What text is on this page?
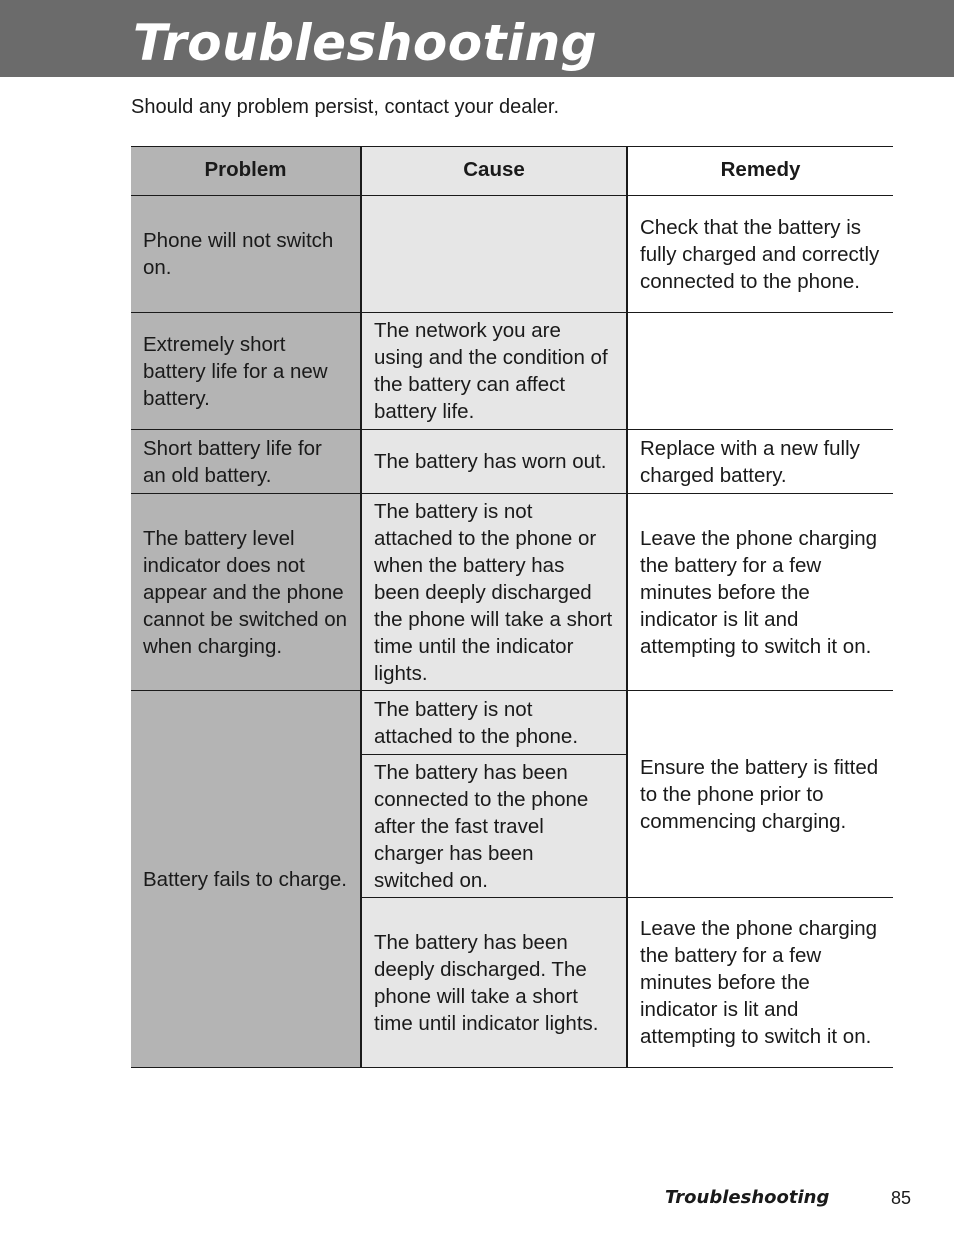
Troubleshooting
Should any problem persist, contact your dealer.
Problem	Cause	Remedy
Phone will not switch on.		Check that the battery is fully charged and correctly connected to the phone.
Extremely short battery life for a new battery.	The network you are using and the condition of the battery can affect battery life.	
Short battery life for an old battery.	The battery has worn out.	Replace with a new fully charged battery.
The battery level indicator does not appear and the phone cannot be switched on when charging.	The battery is not attached to the phone or when the battery has been deeply discharged the phone will take a short time until the indicator lights.	Leave the phone charging the battery for a few minutes before the indicator is lit and attempting to switch it on.
Battery fails to charge.	The battery is not attached to the phone.	Ensure the battery is fitted to the phone prior to commencing charging.
	The battery has been connected to the phone after the fast travel charger has been switched on.	
	The battery has been deeply discharged. The phone will take a short time until indicator lights.	Leave the phone charging the battery for a few minutes before the indicator is lit and attempting to switch it on.
Troubleshooting	85
